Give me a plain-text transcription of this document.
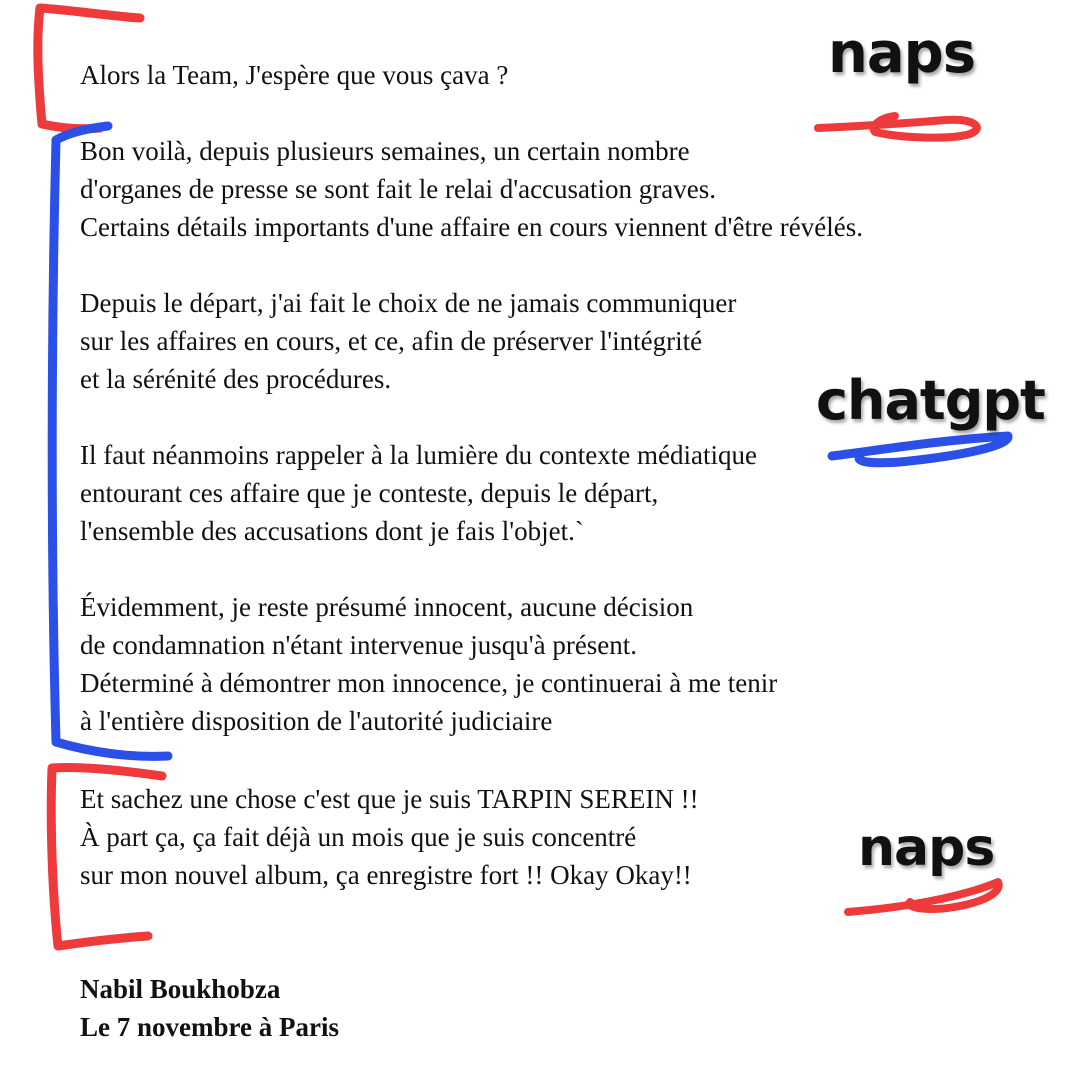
Alors la Team, J'espère que vous çava ?
Bon voilà, depuis plusieurs semaines, un certain nombre
d'organes de presse se sont fait le relai d'accusation graves.
Certains détails importants d'une affaire en cours viennent d'être révélés.
Depuis le départ, j'ai fait le choix de ne jamais communiquer
sur les affaires en cours, et ce, afin de préserver l'intégrité
et la sérénité des procédures.
Il faut néanmoins rappeler à la lumière du contexte médiatique
entourant ces affaire que je conteste, depuis le départ,
l'ensemble des accusations dont je fais l'objet.`
Évidemment, je reste présumé innocent, aucune décision
de condamnation n'étant intervenue jusqu'à présent.
Déterminé à démontrer mon innocence, je continuerai à me tenir
à l'entière disposition de l'autorité judiciaire
Et sachez une chose c'est que je suis TARPIN SEREIN !!
À part ça, ça fait déjà un mois que je suis concentré
sur mon nouvel album, ça enregistre fort !! Okay Okay!!
Nabil Boukhobza
Le 7 novembre à Paris
naps
chatgpt
naps
